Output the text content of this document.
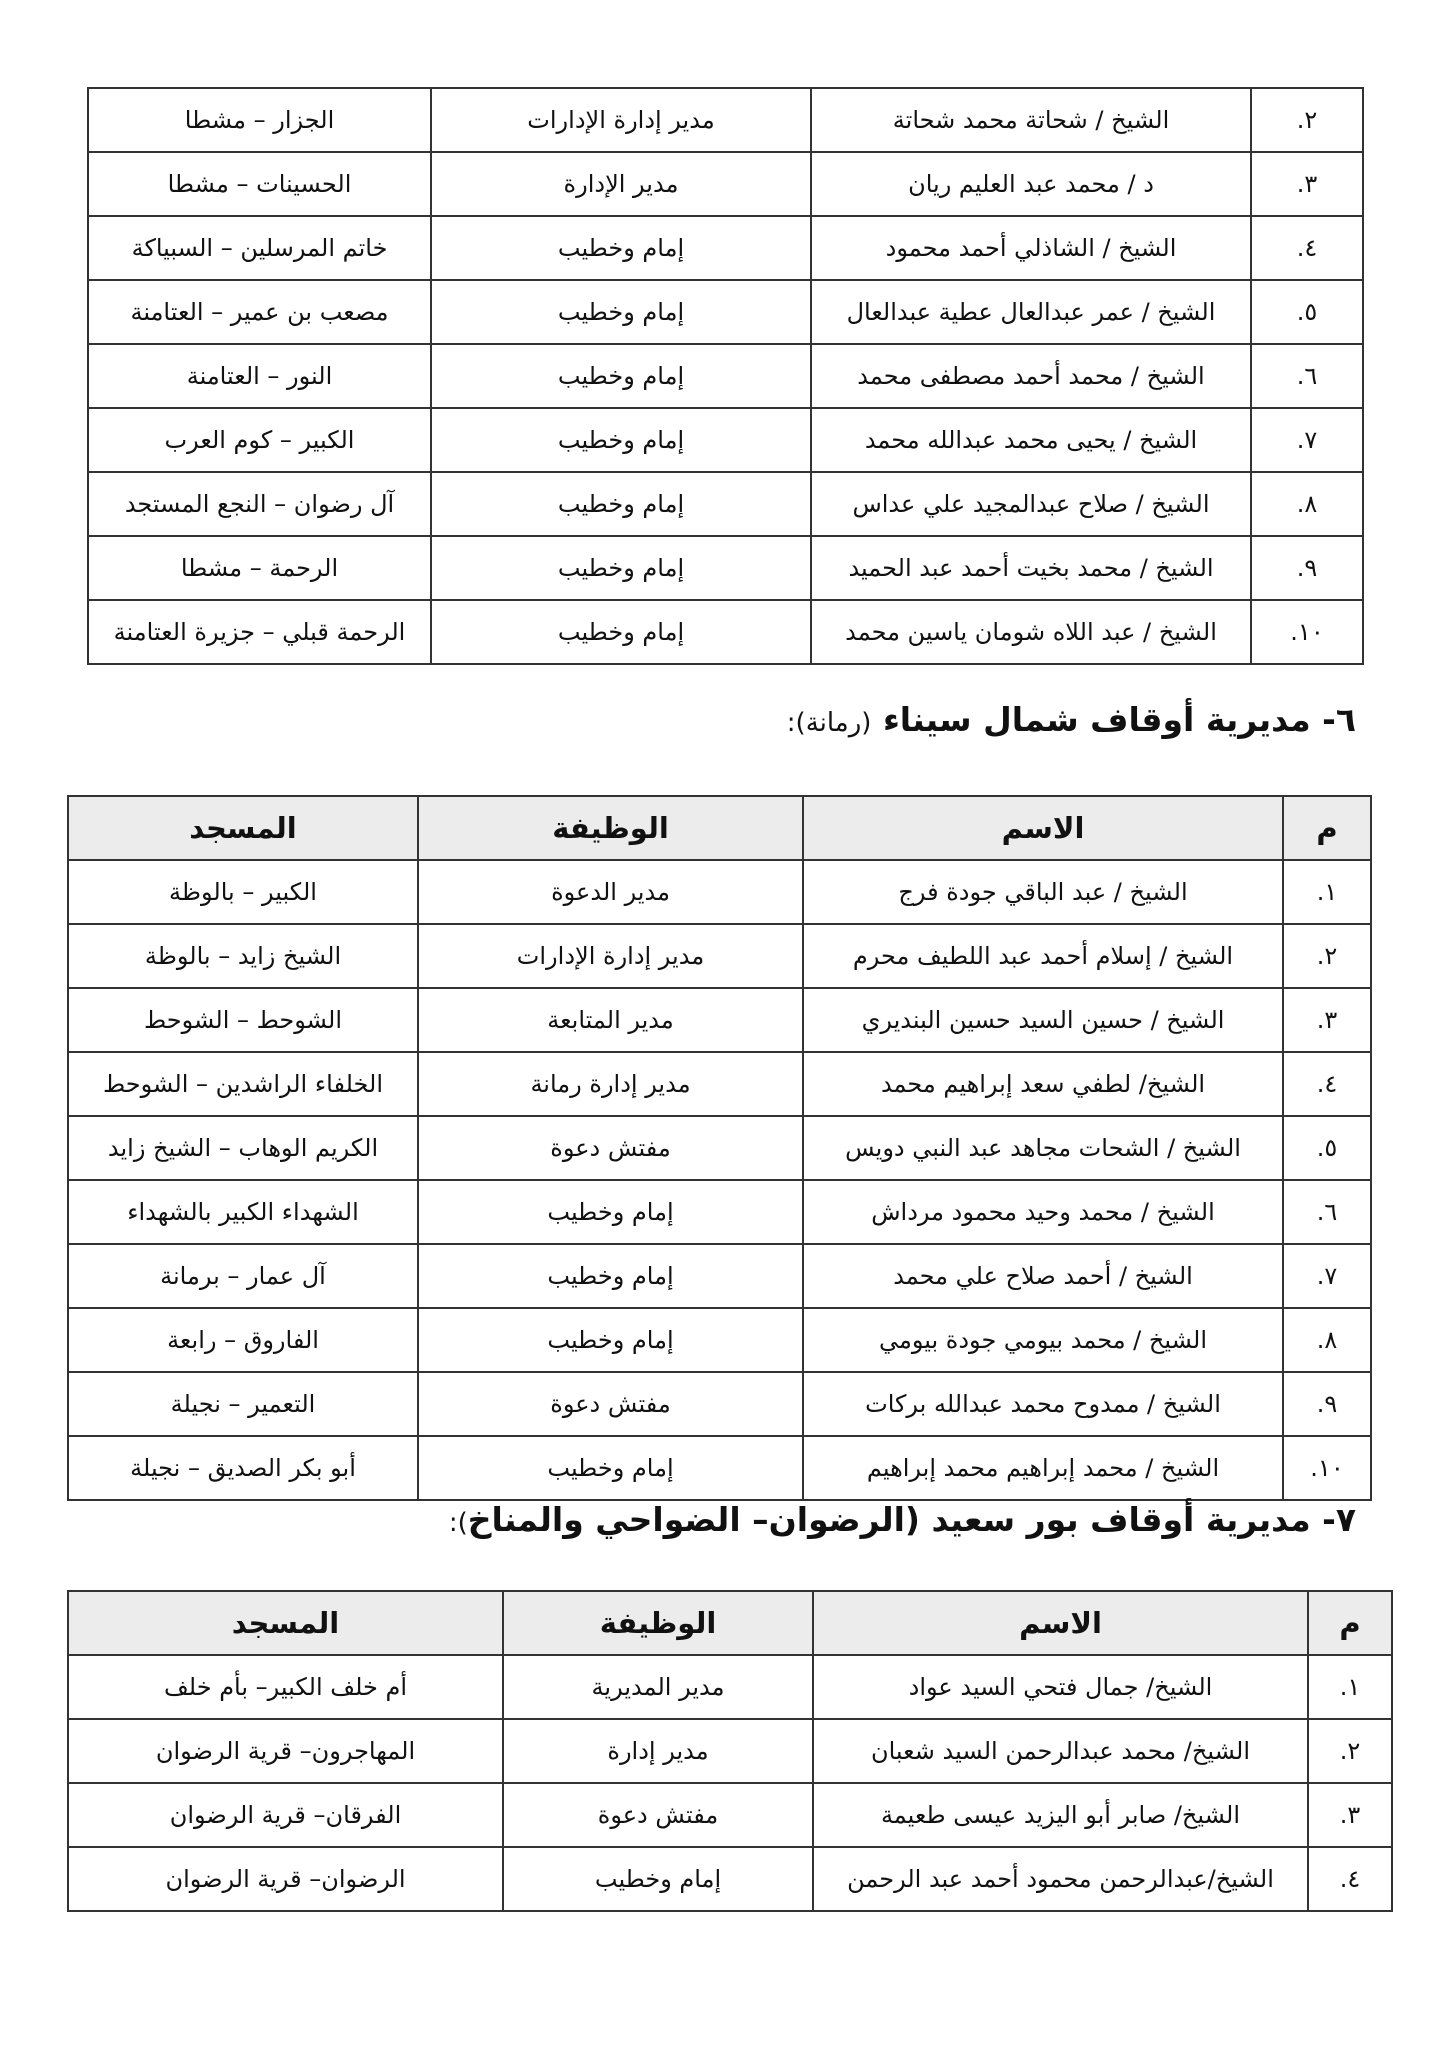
٢.	الشيخ / شحاتة محمد شحاتة	مدير إدارة الإدارات	الجزار – مشطا
٣.	د / محمد عبد العليم ريان	مدير الإدارة	الحسينات – مشطا
٤.	الشيخ / الشاذلي أحمد محمود	إمام وخطيب	خاتم المرسلين – السبياكة
٥.	الشيخ / عمر عبدالعال عطية عبدالعال	إمام وخطيب	مصعب بن عمير – العتامنة
٦.	الشيخ / محمد أحمد مصطفى محمد	إمام وخطيب	النور – العتامنة
٧.	الشيخ / يحيى محمد عبدالله محمد	إمام وخطيب	الكبير – كوم العرب
٨.	الشيخ / صلاح عبدالمجيد علي عداس	إمام وخطيب	آل رضوان – النجع المستجد
٩.	الشيخ / محمد بخيت أحمد عبد الحميد	إمام وخطيب	الرحمة – مشطا
١٠.	الشيخ / عبد اللاه شومان ياسين محمد	إمام وخطيب	الرحمة قبلي – جزيرة العتامنة
٦- مديرية أوقاف شمال سيناء (رمانة):
م	الاسم	الوظيفة	المسجد
١.	الشيخ / عبد الباقي جودة فرج	مدير الدعوة	الكبير – بالوظة
٢.	الشيخ / إسلام أحمد عبد اللطيف محرم	مدير إدارة الإدارات	الشيخ زايد – بالوظة
٣.	الشيخ / حسين السيد حسين البنديري	مدير المتابعة	الشوحط – الشوحط
٤.	الشيخ/ لطفي سعد إبراهيم محمد	مدير إدارة رمانة	الخلفاء الراشدين – الشوحط
٥.	الشيخ / الشحات مجاهد عبد النبي دويس	مفتش دعوة	الكريم الوهاب – الشيخ زايد
٦.	الشيخ / محمد وحيد محمود مرداش	إمام وخطيب	الشهداء الكبير بالشهداء
٧.	الشيخ / أحمد صلاح علي محمد	إمام وخطيب	آل عمار – برمانة
٨.	الشيخ / محمد بيومي جودة بيومي	إمام وخطيب	الفاروق – رابعة
٩.	الشيخ / ممدوح محمد عبدالله بركات	مفتش دعوة	التعمير – نجيلة
١٠.	الشيخ / محمد إبراهيم محمد إبراهيم	إمام وخطيب	أبو بكر الصديق – نجيلة
٧- مديرية أوقاف بور سعيد (الرضوان– الضواحي والمناخ):
م	الاسم	الوظيفة	المسجد
١.	الشيخ/ جمال فتحي السيد عواد	مدير المديرية	أم خلف الكبير– بأم خلف
٢.	الشيخ/ محمد عبدالرحمن السيد شعبان	مدير إدارة	المهاجرون– قرية الرضوان
٣.	الشيخ/ صابر أبو اليزيد عيسى طعيمة	مفتش دعوة	الفرقان– قرية الرضوان
٤.	الشيخ/عبدالرحمن محمود أحمد عبد الرحمن	إمام وخطيب	الرضوان– قرية الرضوان
